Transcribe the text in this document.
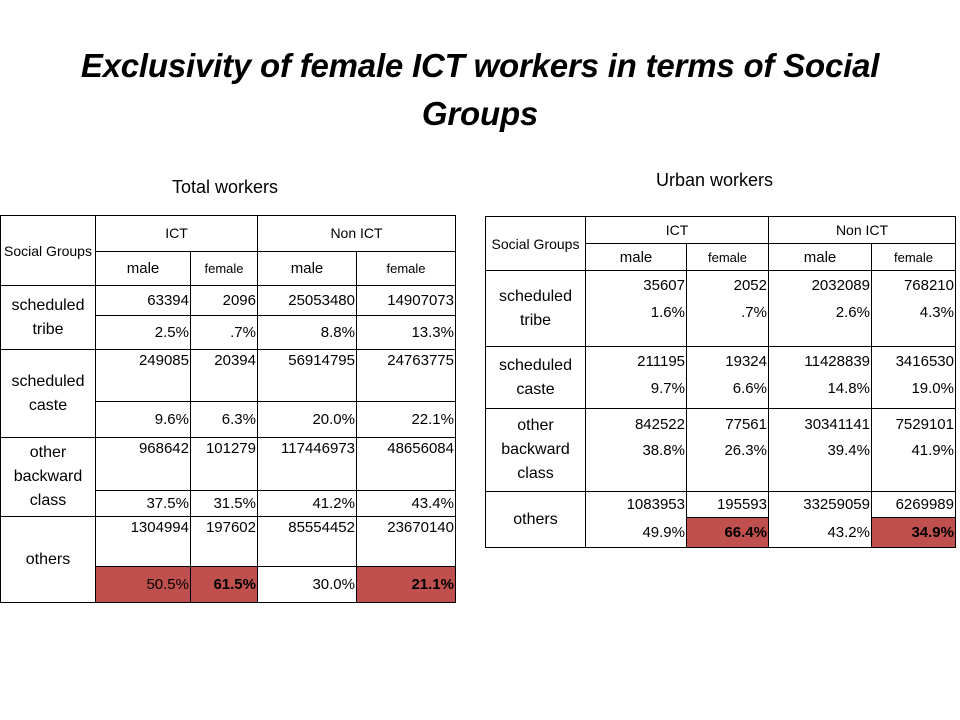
Exclusivity of female ICT workers in terms of Social Groups
Total workers	Urban workers
Social Groups	ICT		Non ICT	
	male	female	male	female
scheduled tribe	63394	2096	25053480	14907073
	2.5%	.7%	8.8%	13.3%
scheduled caste	249085	20394	56914795	24763775
	9.6%	6.3%	20.0%	22.1%
other backward class	968642	101279	117446973	48656084
	37.5%	31.5%	41.2%	43.4%
others	1304994	197602	85554452	23670140
	50.5%	61.5%	30.0%	21.1%
Social Groups	ICT		Non ICT	
	male	female	male	female
scheduled tribe	35607	2052	2032089	768210
	1.6%	.7%	2.6%	4.3%
scheduled caste	211195	19324	11428839	3416530
	9.7%	6.6%	14.8%	19.0%
other backward class	842522	77561	30341141	7529101
	38.8%	26.3%	39.4%	41.9%
others	1083953	195593	33259059	6269989
	49.9%	66.4%	43.2%	34.9%
